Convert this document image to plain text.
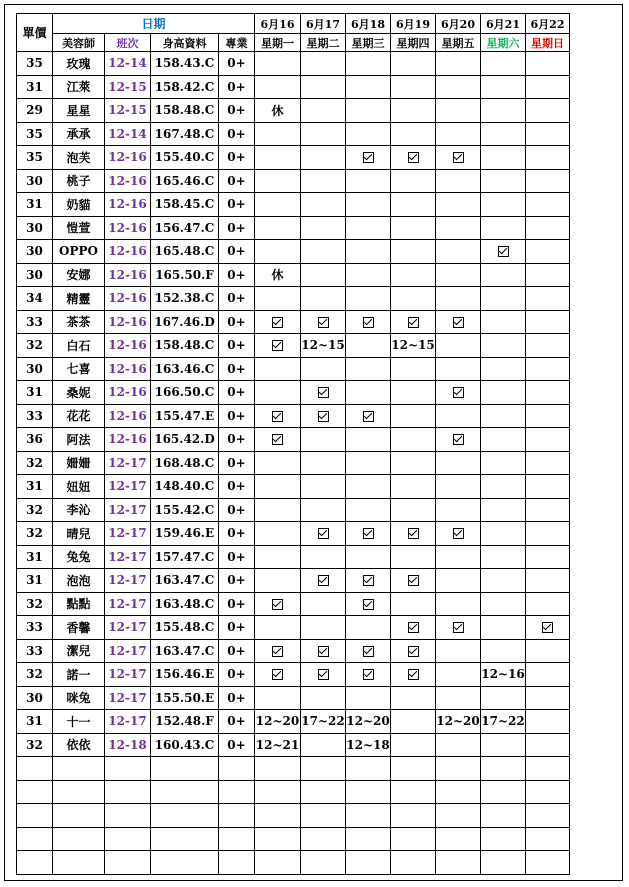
單價	日期				6月16	6月17	6月18	6月19	6月20	6月21	6月22
	美容師	班次	身高資料	專業	星期一	星期二	星期三	星期四	星期五	星期六	星期日
35	玫瑰	12-14	158.43.C	0+							
31	江萊	12-15	158.42.C	0+							
29	星星	12-15	158.48.C	0+	休						
35	承承	12-14	167.48.C	0+							
35	泡芙	12-16	155.40.C	0+							
30	桃子	12-16	165.46.C	0+							
31	奶貓	12-16	158.45.C	0+							
30	愷萱	12-16	156.47.C	0+							
30	OPPO	12-16	165.48.C	0+							
30	安娜	12-16	165.50.F	0+	休						
34	精靈	12-16	152.38.C	0+							
33	茶茶	12-16	167.46.D	0+							
32	白石	12-16	158.48.C	0+		12~15		12~15			
30	七喜	12-16	163.46.C	0+							
31	桑妮	12-16	166.50.C	0+							
33	花花	12-16	155.47.E	0+							
36	阿法	12-16	165.42.D	0+							
32	姍姍	12-17	168.48.C	0+							
31	妞妞	12-17	148.40.C	0+							
32	李沁	12-17	155.42.C	0+							
32	晴兒	12-17	159.46.E	0+							
31	兔兔	12-17	157.47.C	0+							
31	泡泡	12-17	163.47.C	0+							
32	點點	12-17	163.48.C	0+							
33	香馨	12-17	155.48.C	0+							
33	潔兒	12-17	163.47.C	0+							
32	諾一	12-17	156.46.E	0+						12~16	
30	咪兔	12-17	155.50.E	0+							
31	十一	12-17	152.48.F	0+	12~20	17~22	12~20		12~20	17~22	
32	依依	12-18	160.43.C	0+	12~21		12~18				
